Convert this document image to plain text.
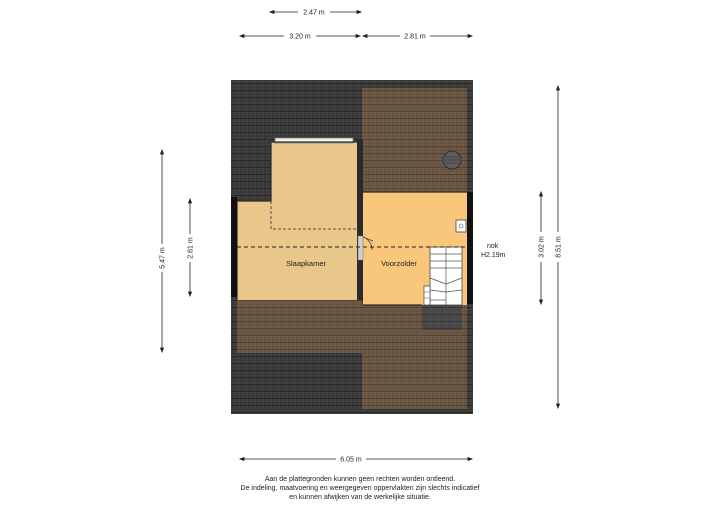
Slaapkamer	Voorzolder
nok
H2.19m
2.47 m
3.20 m	2.81 m
5.47 m	2.61 m	3.02 m 8.51 m
6.05 m
Aan de plattegronden kunnen geen rechten worden ontleend.
De indeling, maatvoering en weergegeven oppervlakten zijn slechts indicatief
en kunnen afwijken van de werkelijke situatie.
